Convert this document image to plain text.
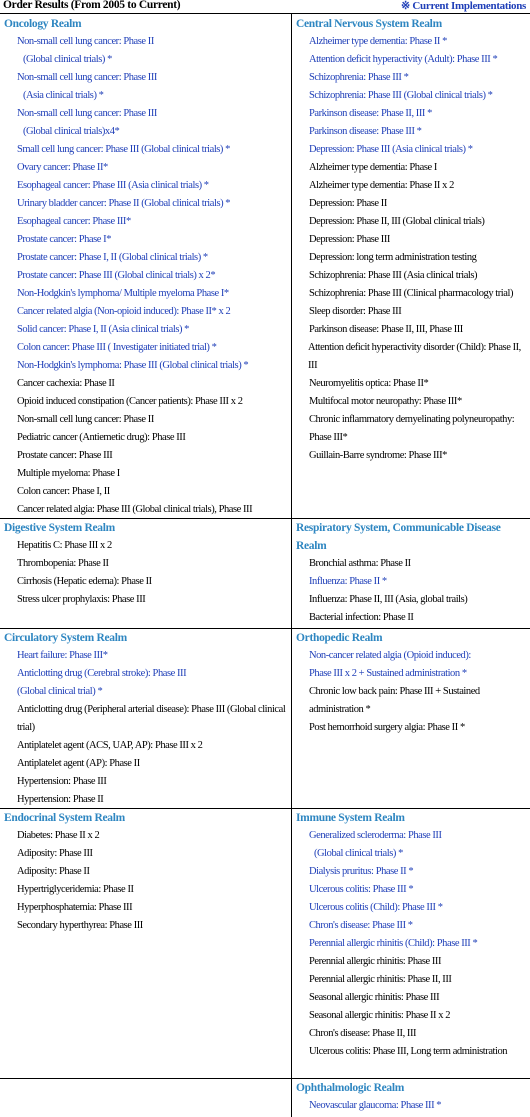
Order Results (From 2005 to Current)	※ Current Implementations
Oncology Realm
Non-small cell lung cancer: Phase II
(Global clinical trials) *
Non-small cell lung cancer: Phase III
(Asia clinical trials) *
Non-small cell lung cancer: Phase III
(Global clinical trials)x4*
Small cell lung cancer: Phase III (Global clinical trials) *
Ovary cancer: Phase II*
Esophageal cancer: Phase III (Asia clinical trials) *
Urinary bladder cancer: Phase II (Global clinical trials) *
Esophageal cancer: Phase III*
Prostate cancer: Phase I*
Prostate cancer: Phase I, II (Global clinical trials) *
Prostate cancer: Phase III (Global clinical trials) x 2*
Non-Hodgkin's lymphoma/ Multiple myeloma Phase I*
Cancer related algia (Non-opioid induced): Phase II* x 2
Solid cancer: Phase I, II (Asia clinical trials) *
Colon cancer: Phase III ( Investigater initiated trial) *
Non-Hodgkin's lymphoma: Phase III (Global clinical trials) *
Cancer cachexia: Phase II
Opioid induced constipation (Cancer patients): Phase III x 2
Non-small cell lung cancer: Phase II
Pediatric cancer (Antiemetic drug): Phase III
Prostate cancer: Phase III
Multiple myeloma: Phase I
Colon cancer: Phase I, II
Cancer related algia: Phase III (Global clinical trials), Phase III
Central Nervous System Realm
Alzheimer type dementia: Phase II *
Attention deficit hyperactivity (Adult): Phase III *
Schizophrenia: Phase III *
Schizophrenia: Phase III (Global clinical trials) *
Parkinson disease: Phase II, III *
Parkinson disease: Phase III *
Depression: Phase III (Asia clinical trials) *
Alzheimer type dementia: Phase I
Alzheimer type dementia: Phase II x 2
Depression: Phase II
Depression: Phase II, III (Global clinical trials)
Depression: Phase III
Depression: long term administration testing
Schizophrenia: Phase III (Asia clinical trials)
Schizophrenia: Phase III (Clinical pharmacology trial)
Sleep disorder: Phase III
Parkinson disease: Phase II, III, Phase III
Attention deficit hyperactivity disorder (Child): Phase II, III
Neuromyelitis optica: Phase II*
Multifocal motor neuropathy: Phase III*
Chronic inflammatory demyelinating polyneuropathy: Phase III*
Guillain-Barre syndrome: Phase III*
Digestive System Realm
Hepatitis C: Phase III x 2
Thrombopenia: Phase II
Cirrhosis (Hepatic edema): Phase II
Stress ulcer prophylaxis: Phase III
Respiratory System, Communicable Disease Realm
Bronchial asthma: Phase II
Influenza: Phase II *
Influenza: Phase II, III (Asia, global trails)
Bacterial infection: Phase II
Circulatory System Realm
Heart failure: Phase III*
Anticlotting drug (Cerebral stroke): Phase III
(Global clinical trial) *
Anticlotting drug (Peripheral arterial disease): Phase III (Global clinical trial)
Antiplatelet agent (ACS, UAP, AP): Phase III x 2
Antiplatelet agent (AP): Phase II
Hypertension: Phase III
Hypertension: Phase II
Orthopedic Realm
Non-cancer related algia (Opioid induced):
Phase III x 2 + Sustained administration *
Chronic low back pain: Phase III + Sustained administration *
Post hemorrhoid surgery algia: Phase II *
Endocrinal System Realm
Diabetes: Phase II x 2
Adiposity: Phase III
Adiposity: Phase II
Hypertriglyceridemia: Phase II
Hyperphosphatemia: Phase III
Secondary hyperthyrea: Phase III
Immune System Realm
Generalized scleroderma: Phase III
(Global clinical trials) *
Dialysis pruritus: Phase II *
Ulcerous colitis: Phase III *
Ulcerous colitis (Child): Phase III *
Chron's disease: Phase III *
Perennial allergic rhinitis (Child): Phase III *
Perennial allergic rhinitis: Phase III
Perennial allergic rhinitis: Phase II, III
Seasonal allergic rhinitis: Phase III
Seasonal allergic rhinitis: Phase II x 2
Chron's disease: Phase II, III
Ulcerous colitis: Phase III, Long term administration
Ophthalmologic Realm
Neovascular glaucoma: Phase III *
